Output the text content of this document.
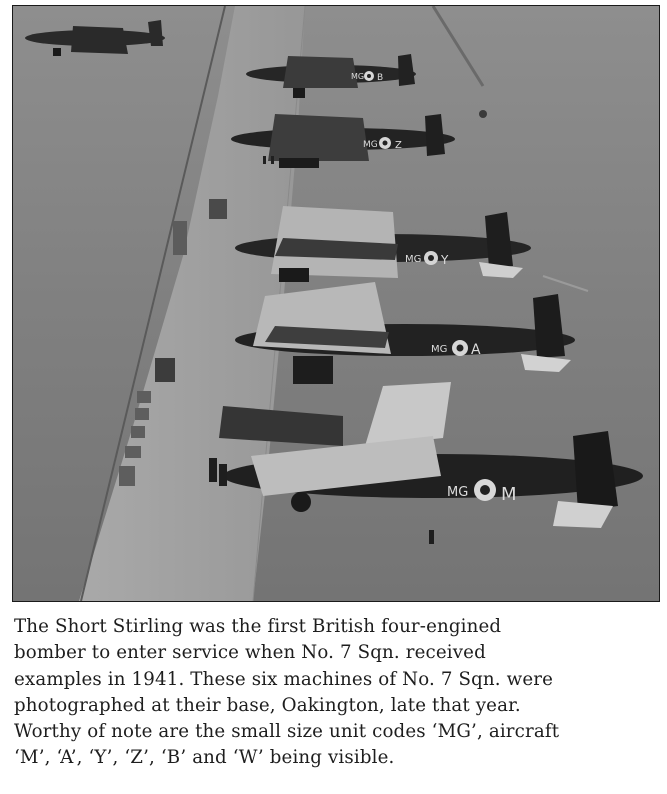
MG B
MG Z
MG Y
MG A
MG M

The Short Stirling was the first British four-engined
bomber to enter service when No. 7 Sqn. received
examples in 1941. These six machines of No. 7 Sqn. were
photographed at their base, Oakington, late that year.
Worthy of note are the small size unit codes ‘MG’, aircraft
‘M’, ‘A’, ‘Y’, ‘Z’, ‘B’ and ‘W’ being visible.
